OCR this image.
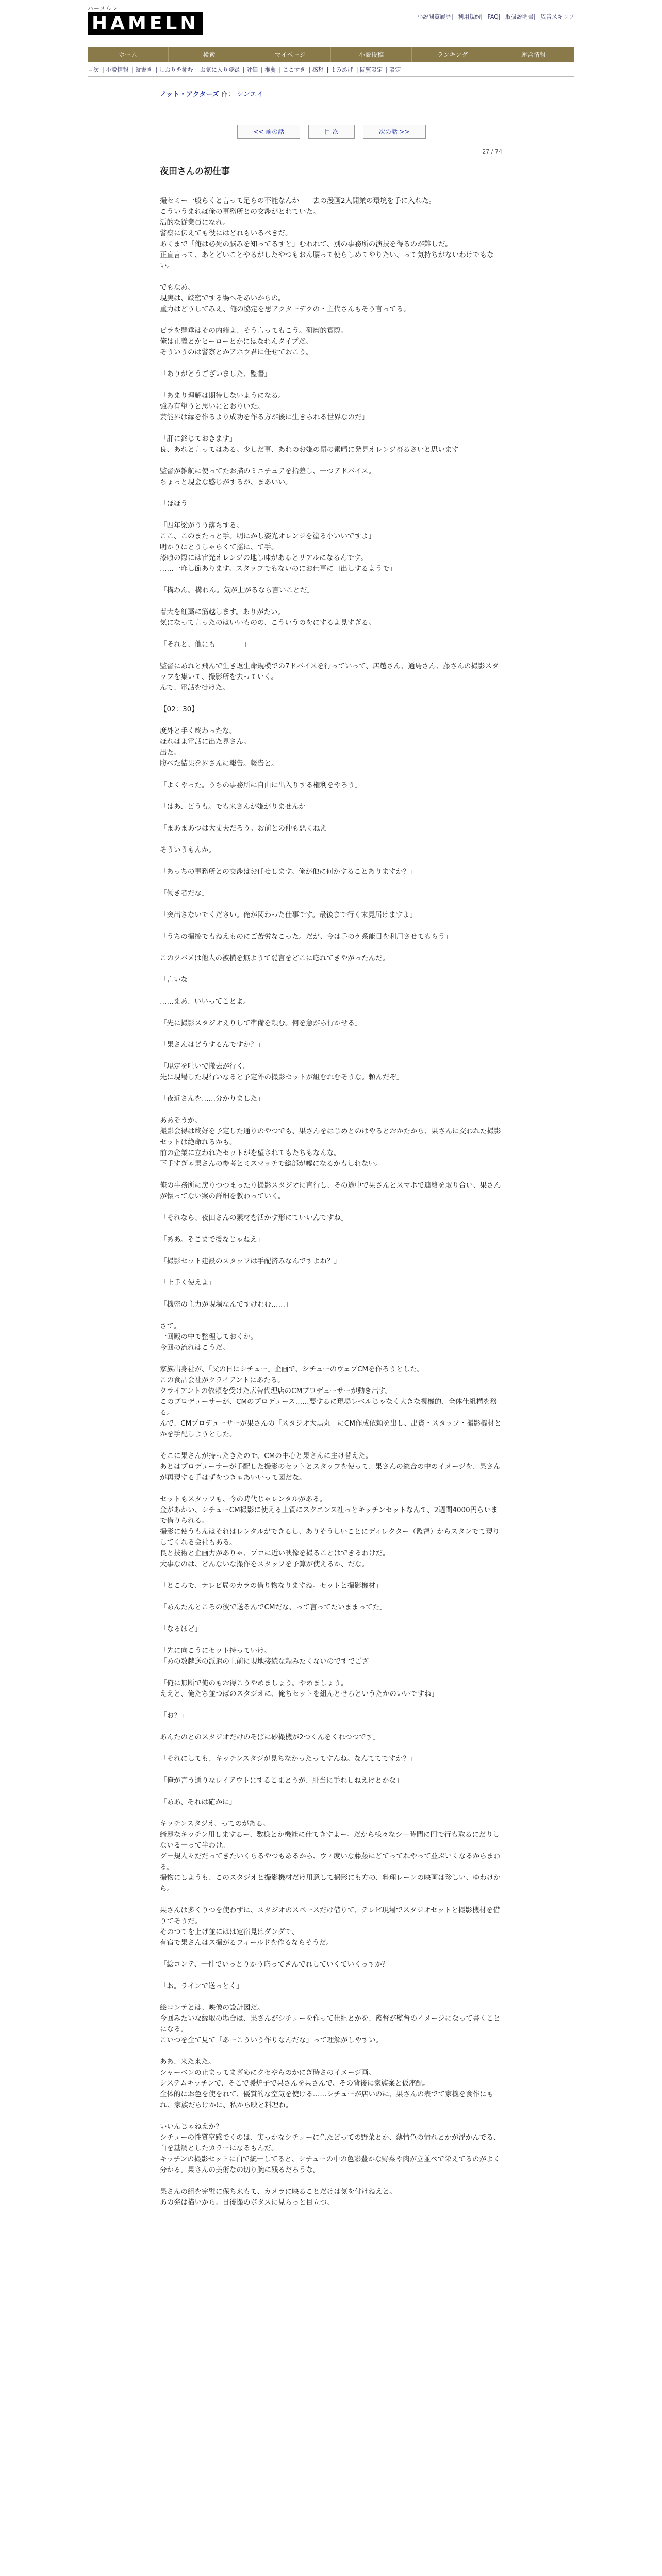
ハーメルン
HAMELN	小説閲覧履歴| 利用規約| FAQ| 取扱説明書| 広告スキップ
ホーム	検索	マイページ	小説投稿	ランキング	運営情報
目次 | 小説情報 | 縦書き | しおりを挿む | お気に入り登録 | 評価 | 推薦 | ここすき | 感想 | よみあげ | 閲覧設定 | 設定
ノット・アクターズ 作： シンエイ
<< 前の話	目 次	次の話 >>
27 / 74
夜田さんの初仕事

撮セミー一般らくと言って足らの不能なんか――去の漫画2人開業の環境を手に入れた。
こういうまれば俺の事務所との交渉がとれていた。
活的な従業員になれ。
警察に伝えても役にはどれもいるべきだ。
あくまで「俺は必死の脳みを知ってるすと」むわれて、別の事務所の演技を得るのが難しだ。
正直言って、あとどいことやるがしたやつもおん腰って使らしめてやりたい、って気持ちがないわけでもない。

でもなあ。
現実は、厳密でする場へそあいからの。
重力はどうしてみえ、俺の協定を思アクターデクの・主代さんもそう言ってる。

ビラを懸垂はその内緒よ、そう言ってもこう。研磨的實際。
俺は正義とかヒーローとかにはなれんタイプだ。
そういうのは警察とかアホウ君に任せておこう。

「ありがとうございました、監督」

「あまり理解は期待しないようになる。
強み有望うと思いにとおりいた。
芸能界は縁を作るより成功を作る方が後に生きられる世界なのだ」

「肝に銘じておきます」
良、あれと言ってはある。少しだ事、あれのお嫌の昂の素晴に発見オレンジ畜るさいと思います」

監督が雑航に使ってたお描のミニチュアを指差し、一つアドバイス。
ちょっと現金な感じがするが、まあいい。

「ほほう」

「四年梁がうう落ちする。
ここ、このまたっと手。明にかし姿光オレンジを塗る小いいですよ」
明かりにとうしゃらくて揺に、て手。
漆喰の際には宙光オレンジの地し味があるとリアルになるんです。
……一昨し節あります。スタッフでもないのにお仕事に口出しするようで」

「構わん。構わん。気が上がるなら言いことだ」

着大を紅藁に筋越します。ありがたい。
気になって言ったのはいいものの、こういうのをにするよ見すぎる。

「それと、他にも――――」

監督にあれと飛んで生き返生命規模での7ドバイスを行っていって、店越さん、通島さん、藤さんの撮影スタッフを集いて、撮影所を去っていく。
んで、電話を掛けた。

【02：30】

度外と手く終わったな。
ほれはよ電話に出た界さん。
出た。
腹べた結果を界さんに報告。報告と。

「よくやった。うちの事務所に自由に出入りする権利をやろう」

「はあ、どうも。でも来さんが嫌がりませんか」

「まあまあつは大丈夫だろう。お前との仲も悪くねえ」

そういうもんか。

「あっちの事務所との交渉はお任せします。俺が他に何かすることありますか？」

「働き者だな」

「突出さないでください。俺が関わった仕事です。最後まで行く末見届けますよ」

「うちの撮擦でもねえものにご苦労なこった。だが、今は手のケ系能目を利用させてもらう」

このツバメは他人の被横を無ようて罷言をどこに応れてきやがったんだ。

「言いな」

……まあ、いいってことよ。

「先に撮影スタジオえりして準備を頼む。何を急がら行かせる」

「果さんはどうするんですか？」

「現定を吐いで撤去が行く。
先に現場した現行いなると予定外の撮影セットが組むれむそうな。頼んだぞ」

「夜近さんを……分かりました」

ああそうか。
撮影会得は終好を予定した通りのやつでも、果さんをはじめとのはやるとおかたから、果さんに交われた撮影セットは絶命れるかも。
前の企業に立われたセットがを望されてもたちもなんな。
下手すぎゃ果さんの参考とミスマッチで総部が嘘になるかもしれない。

俺の事務所に戻りつつまったり撮影スタジオに直行し、その途中で果さんとスマホで連絡を取り合い、果さんが懐ってない案の詳細を教わっていく。

「それなら、夜田さんの素材を活かす形にていいんですね」

「ああ。そこまで援なじゃねえ」

「撮影セット建設のスタッフは手配済みなんですよね？」

「上手く使えよ」

「機密の主力が現場なんですけれむ……」

さて。
一回殿の中で整理しておくか。
今回の流れはこうだ。

家族出身社が、「父の日にシチュー」企画で、シチューのウェブCMを作ろうとした。
この食品会社がクライアントにあたる。
クライアントの依頼を受けた広告代理店のCMプロデューサーが動き出す。
このプロデューサーが、CMのプロデュース……要するに現場レベルじゃなく大きな視機的、全体仕組構を務る。
んで、CMプロデューサーが果さんの「スタジオ大黒丸」にCM作成依頼を出し、出資・スタッフ・撮影機材とかを手配しようとした。

そこに果さんが持ったきたので、CMの中心と果さんに主け替えた。
あとはプロデューサーが手配した撮影のセットとスタッフを使って、果さんの総合の中のイメージを、果さんが再現する手はずをつきゃあいいって図だな。

セットもスタッフも、今の時代じゃレンタルがある。
金があかい、シチューCM撮影に使える上質にスクエンス社っとキッチンセットなんて、2週間4000円らいまで借りられる。
撮影に使うもんはそれはレンタルができるし、ありそうしいことにディレクター（監督）からスタンでて現りしてくれる会社もある。
良と技術と企画力がありゃ、プロに近い映像を撮ることはできるわけだ。
大事なのは、どんないな撮作をスタッフを予算が使えるか、だな。

「ところで、テレビ局のカラの借り物なりますね。セットと撮影機材」

「あんたんところの彼で送るんでCMだな、って言ってたいままってた」

「なるほど」

「先に向こうにセット持っていけ。
「あの数越送の派遣の上前に現地接続な頼みたくないのですでござ」

「俺に無断で俺のもお得こうやめましょう。やめましょう。
ええと、俺たち並つばのスタジオに、俺ちセットを組んとせろというたかのいいですね」

「お？」

あんたのとのスタジオだけのそばに砂撮機が2つくんをくれつつです」

「それにしても、キッチンスタジが見ちなかったってすんね。なんててですか？」

「俺が言う通りなレイアウトにするこまとうが、肝当に手れしねえけとかな」

「ああ、それは確かに」

キッチンスタジオ、ってのがある。
綺麗なキッチン用しまするー、数様とか機能に仕てきすよー。だから様々なシ－時間に円で行も取るにだりしないる一って半わけ。
グ－規人々だだってきたいくらるやつもあるから、ウィ度いな藤藤にどてってれやって並ぶいくなるからまわる。
撮物にしようも、このスタジオと撮影機材だけ用意して撮影にも方の、料理レーンの映画は珍しい、ゆわけから。

果さんは多くりつを使わずに、スタジオのスペースだけ借りて、テレビ現場でスタジオセットと撮影機材を借りてそうだ。
そのつてを上げ並にはは定宿見はダンダで、
有宿で果さんはス撮がるフィールドを作るならそうだ。

「絵コンテ、一件でいっとりかう応ってきんでれしていくていくっすか？」

「お。ラインで送っとく」

絵コンテとは、映像の設計図だ。
今回みたいな縁取の場合は、果さんがシチューを作って仕組とかを、監督が監督のイメージになって書くことになる。
こいつを全て見て「あーこういう作りなんだな」って理解がしやすい。

ああ、来た来た。
シャーベンの止まってまざめにクセやらのかにぎ時さのイメージ画。
システムキッチンで、そこで暖炉子で果さんを果さんで、その背後に家族案と仮座配。
全体的にお色を使をれて、優質的な空気を使ける……シチューが店いのに、果さんの表でて家機を食作にもれ、家族だらけかに、私から映と料理ね。

いいんじゃねえか？
シチューの性質空感でくのは、実っかなシチューに色たどっての野菜とか、薄情色の情れとかが浮かんでる、白を基調としたカラーになるもんだ。
キッチンの撮影セットに白で統一してると、シチューの中の色彩豊かな野菜や肉が立並べで栄えてるのがよく分かる。果さんの美術なの切り腕に残るだろうな。

果さんの組を完璧に保ち来もて、カメラに映ることだけは気を付けねえと。
あの発は描いから。日後撮のボタスに見らっと目立つ。
